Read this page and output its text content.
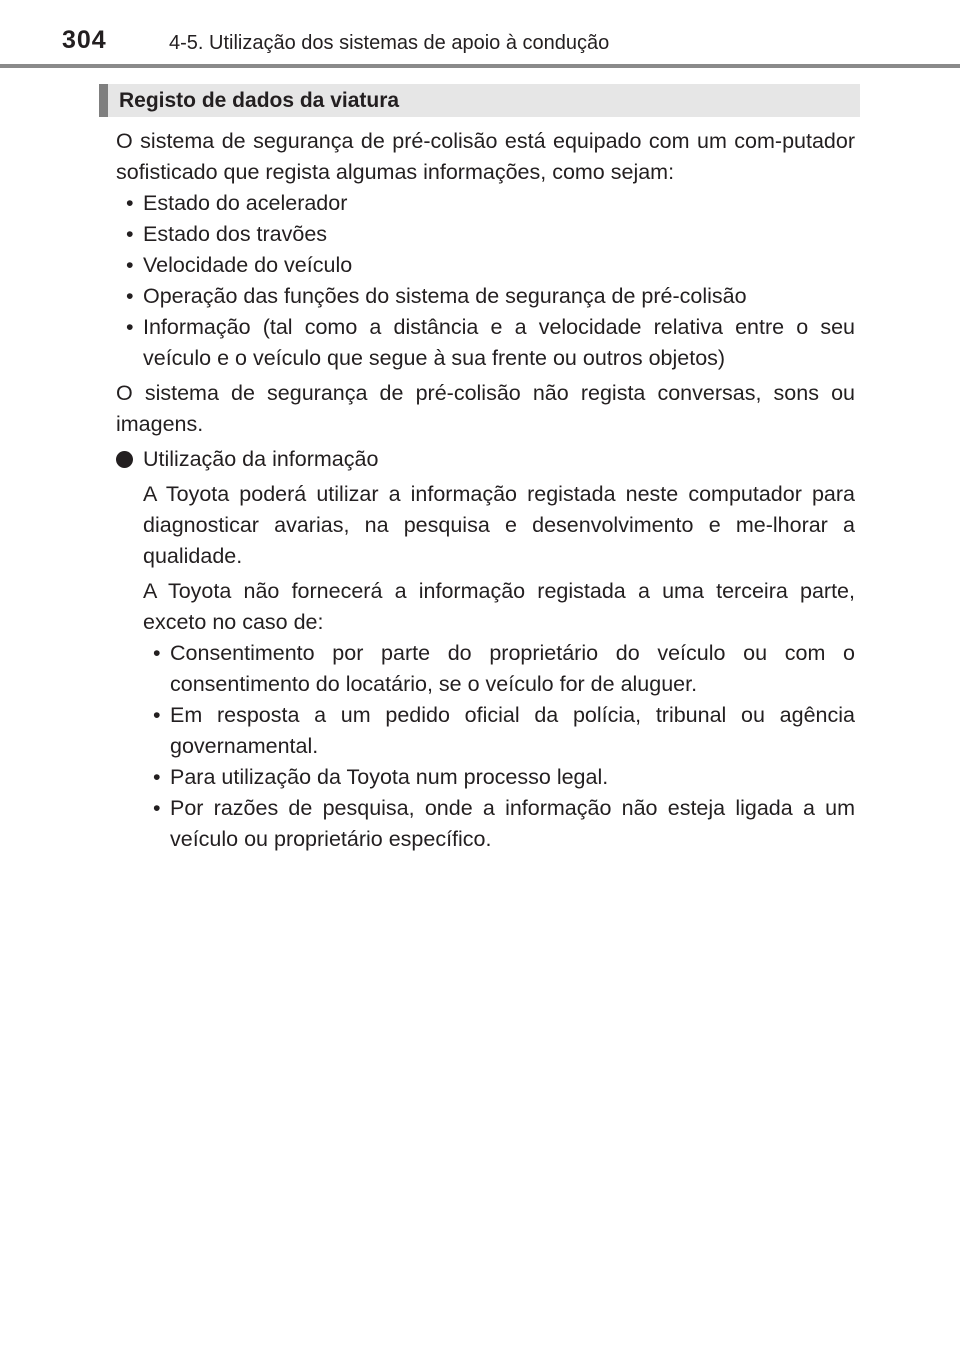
304	4-5. Utilização dos sistemas de apoio à condução
Registo de dados da viatura

O sistema de segurança de pré-colisão está equipado com um com-putador sofisticado que regista algumas informações, como sejam:

• Estado do acelerador
• Estado dos travões
• Velocidade do veículo
• Operação das funções do sistema de segurança de pré-colisão
• Informação (tal como a distância e a velocidade relativa entre o seu veículo e o veículo que segue à sua frente ou outros objetos)

O sistema de segurança de pré-colisão não regista conversas, sons ou imagens.

Utilização da informação

A Toyota poderá utilizar a informação registada neste computador para diagnosticar avarias, na pesquisa e desenvolvimento e me-lhorar a qualidade.

A Toyota não fornecerá a informação registada a uma terceira parte, exceto no caso de:

• Consentimento por parte do proprietário do veículo ou com o consentimento do locatário, se o veículo for de aluguer.
• Em resposta a um pedido oficial da polícia, tribunal ou agência governamental.
• Para utilização da Toyota num processo legal.
• Por razões de pesquisa, onde a informação não esteja ligada a um veículo ou proprietário específico.
